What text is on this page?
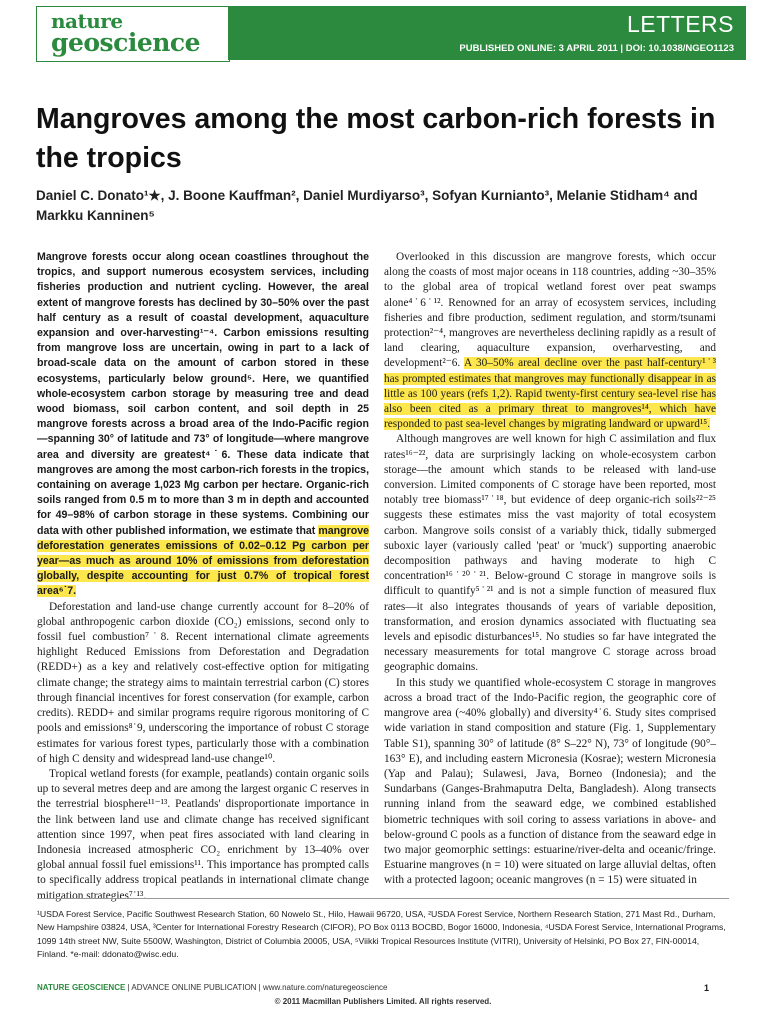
nature
geoscience
LETTERS
PUBLISHED ONLINE: 3 APRIL 2011 | DOI: 10.1038/NGEO1123
Mangroves among the most carbon-rich forests in the tropics
Daniel C. Donato¹★, J. Boone Kauffman², Daniel Murdiyarso³, Sofyan Kurnianto³, Melanie Stidham⁴ and Markku Kanninen⁵

Mangrove forests occur along ocean coastlines throughout the tropics, and support numerous ecosystem services, including fisheries production and nutrient cycling. However, the areal extent of mangrove forests has declined by 30–50% over the past half century as a result of coastal development, aquaculture expansion and over-harvesting¹⁻⁴. Carbon emissions resulting from mangrove loss are uncertain, owing in part to a lack of broad-scale data on the amount of carbon stored in these ecosystems, particularly below ground⁵. Here, we quantified whole-ecosystem carbon storage by measuring tree and dead wood biomass, soil carbon content, and soil depth in 25 mangrove forests across a broad area of the Indo-Pacific region—spanning 30° of latitude and 73° of longitude—where mangrove area and diversity are greatest⁴˙6. These data indicate that mangroves are among the most carbon-rich forests in the tropics, containing on average 1,023 Mg carbon per hectare. Organic-rich soils ranged from 0.5 m to more than 3 m in depth and accounted for 49–98% of carbon storage in these systems. Combining our data with other published information, we estimate that mangrove deforestation generates emissions of 0.02–0.12 Pg carbon per year—as much as around 10% of emissions from deforestation globally, despite accounting for just 0.7% of tropical forest area⁶˙7.

Deforestation and land-use change currently account for 8–20% of global anthropogenic carbon dioxide (CO₂) emissions, second only to fossil fuel combustion⁷˙8. Recent international climate agreements highlight Reduced Emissions from Deforestation and Degradation (REDD+) as a key and relatively cost-effective option for mitigating climate change; the strategy aims to maintain terrestrial carbon (C) stores through financial incentives for forest conservation (for example, carbon credits). REDD+ and similar programs require rigorous monitoring of C pools and emissions⁸˙9, underscoring the importance of robust C storage estimates for various forest types, particularly those with a combination of high C density and widespread land-use change¹⁰.

Tropical wetland forests (for example, peatlands) contain organic soils up to several metres deep and are among the largest organic C reserves in the terrestrial biosphere¹¹⁻¹³. Peatlands' disproportionate importance in the link between land use and climate change has received significant attention since 1997, when peat fires associated with land clearing in Indonesia increased atmospheric CO₂ enrichment by 13–40% over global annual fossil fuel emissions¹¹. This importance has prompted calls to specifically address tropical peatlands in international climate change mitigation strategies⁷˙¹³.

Overlooked in this discussion are mangrove forests, which occur along the coasts of most major oceans in 118 countries, adding ~30–35% to the global area of tropical wetland forest over peat swamps alone⁴˙6˙¹². Renowned for an array of ecosystem services, including fisheries and fibre production, sediment regulation, and storm/tsunami protection²⁻⁴, mangroves are nevertheless declining rapidly as a result of land clearing, aquaculture expansion, overharvesting, and development²⁻6. A 30–50% areal decline over the past half-century¹˙³ has prompted estimates that mangroves may functionally disappear in as little as 100 years (refs 1,2). Rapid twenty-first century sea-level rise has also been cited as a primary threat to mangroves¹⁴, which have responded to past sea-level changes by migrating landward or upward¹⁵.

Although mangroves are well known for high C assimilation and flux rates¹⁶⁻²², data are surprisingly lacking on whole-ecosystem carbon storage—the amount which stands to be released with land-use conversion. Limited components of C storage have been reported, most notably tree biomass¹⁷˙¹⁸, but evidence of deep organic-rich soils²²⁻²⁵ suggests these estimates miss the vast majority of total ecosystem carbon. Mangrove soils consist of a variably thick, tidally submerged suboxic layer (variously called 'peat' or 'muck') supporting anaerobic decomposition pathways and having moderate to high C concentration¹⁶˙²⁰˙²¹. Below-ground C storage in mangrove soils is difficult to quantify⁵˙²¹ and is not a simple function of measured flux rates—it also integrates thousands of years of variable deposition, transformation, and erosion dynamics associated with fluctuating sea levels and episodic disturbances¹⁵. No studies so far have integrated the necessary measurements for total mangrove C storage across broad geographic domains.

In this study we quantified whole-ecosystem C storage in mangroves across a broad tract of the Indo-Pacific region, the geographic core of mangrove area (~40% globally) and diversity⁴˙6. Study sites comprised wide variation in stand composition and stature (Fig. 1, Supplementary Table S1), spanning 30° of latitude (8° S–22° N), 73° of longitude (90°–163° E), and including eastern Micronesia (Kosrae); western Micronesia (Yap and Palau); Sulawesi, Java, Borneo (Indonesia); and the Sundarbans (Ganges-Brahmaputra Delta, Bangladesh). Along transects running inland from the seaward edge, we combined established biometric techniques with soil coring to assess variations in above- and below-ground C pools as a function of distance from the seaward edge in two major geomorphic settings: estuarine/river-delta and oceanic/fringe. Estuarine mangroves (n = 10) were situated on large alluvial deltas, often with a protected lagoon; oceanic mangroves (n = 15) were situated in

¹USDA Forest Service, Pacific Southwest Research Station, 60 Nowelo St., Hilo, Hawaii 96720, USA, ²USDA Forest Service, Northern Research Station, 271 Mast Rd., Durham, New Hampshire 03824, USA, ³Center for International Forestry Research (CIFOR), PO Box 0113 BOCBD, Bogor 16000, Indonesia, ⁴USDA Forest Service, International Programs, 1099 14th street NW, Suite 5500W, Washington, District of Columbia 20005, USA, ⁵Viikki Tropical Resources Institute (VITRI), University of Helsinki, PO Box 27, FIN-00014, Finland. *e-mail: ddonato@wisc.edu.
NATURE GEOSCIENCE | ADVANCE ONLINE PUBLICATION | www.nature.com/naturegeoscience	1
© 2011 Macmillan Publishers Limited. All rights reserved.
